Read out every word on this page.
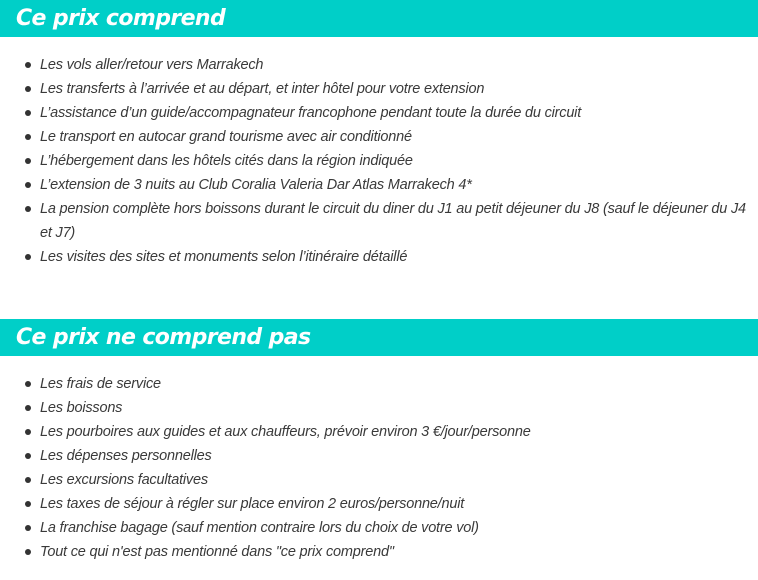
Ce prix comprend
Les vols aller/retour vers Marrakech
Les transferts à l’arrivée et au départ, et inter hôtel pour votre extension
L’assistance d’un guide/accompagnateur francophone pendant toute la durée du circuit
Le transport en autocar grand tourisme avec air conditionné
L’hébergement dans les hôtels cités dans la région indiquée
L’extension de 3 nuits au Club Coralia Valeria Dar Atlas Marrakech 4*
La pension complète hors boissons durant le circuit du diner du J1 au petit déjeuner du J8 (sauf le déjeuner du J4 et J7)
Les visites des sites et monuments selon l’itinéraire détaillé
Ce prix ne comprend pas
Les frais de service
Les boissons
Les pourboires aux guides et aux chauffeurs, prévoir environ 3 €/jour/personne
Les dépenses personnelles
Les excursions facultatives
Les taxes de séjour à régler sur place environ 2 euros/personne/nuit
La franchise bagage (sauf mention contraire lors du choix de votre vol)
Tout ce qui n'est pas mentionné dans "ce prix comprend"
